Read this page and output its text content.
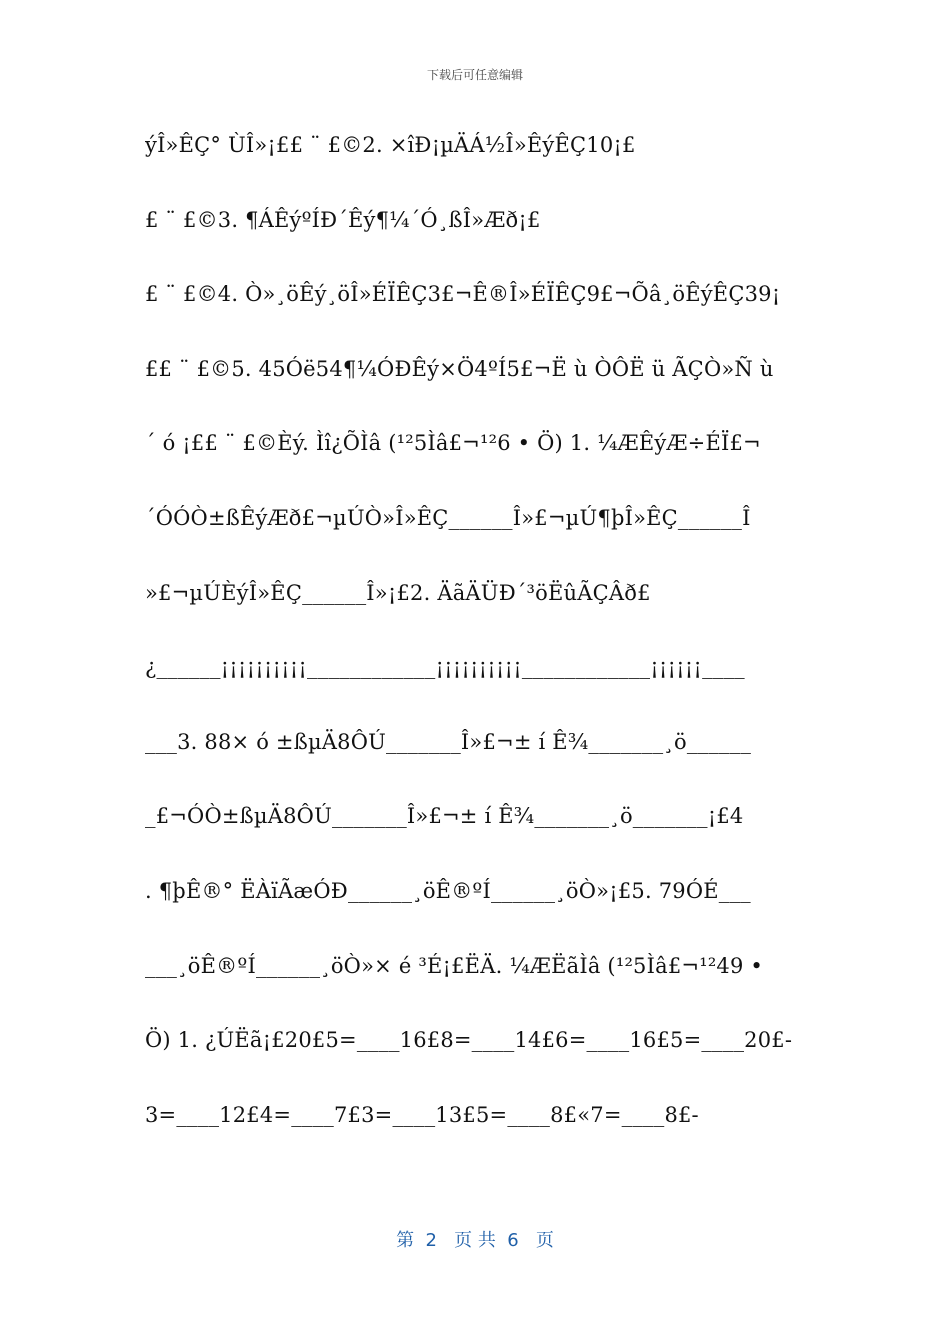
下载后可任意编辑
ýÎ»ÊÇ° ÙÎ»¡££ ¨ £©2. ×îÐ¡µÄÁ½Î»ÊýÊÇ10¡£
£ ¨ £©3. ¶ÁÊýºÍÐ´Êý¶¼´Ó¸ßÎ»Æð¡£
£ ¨ £©4. Ò»¸öÊý¸öÎ»ÉÏÊÇ3£¬Ê®Î»ÉÏÊÇ9£¬Õâ¸öÊýÊÇ39¡
££ ¨ £©5. 45Óë54¶¼ÓÐÊý×Ö4ºÍ5£¬Ë ù ÒÔË ü ÃÇÒ»Ñ ù
´ ó ¡££ ¨ £©Èý. Ìî¿ÕÌâ (¹²5Ìâ£¬¹²6 • Ö) 1. ¼ÆÊýÆ÷ÉÏ£¬
´ÓÓÒ±ßÊýÆð£¬µÚÒ»Î»ÊÇ______Î»£¬µÚ¶þÎ»ÊÇ______Î
»£¬µÚÈýÎ»ÊÇ______Î»¡£2. ÄãÄÜÐ´³öËûÃÇÂð£
¿______¡¡¡¡¡¡¡¡¡¡____________¡¡¡¡¡¡¡¡¡¡____________¡¡¡¡¡¡____
___3. 88× ó ±ßµÄ8ÔÚ_______Î»£¬± í Ê¾_______¸ö______
_£¬ÓÒ±ßµÄ8ÔÚ_______Î»£¬± í Ê¾_______¸ö_______¡£4
. ¶þÊ®° ËÀïÃæÓÐ______¸öÊ®ºÍ______¸öÒ»¡£5. 79ÓÉ___
___¸öÊ®ºÍ______¸öÒ»× é ³É¡£ËÄ. ¼ÆËãÌâ (¹²5Ìâ£¬¹²49 •
Ö) 1. ¿ÚËã¡£20£5=____16£8=____14£6=____16£5=____20£-
3=____12£4=____7£3=____13£5=____8£«7=____8£-
第  2   页 共  6   页
